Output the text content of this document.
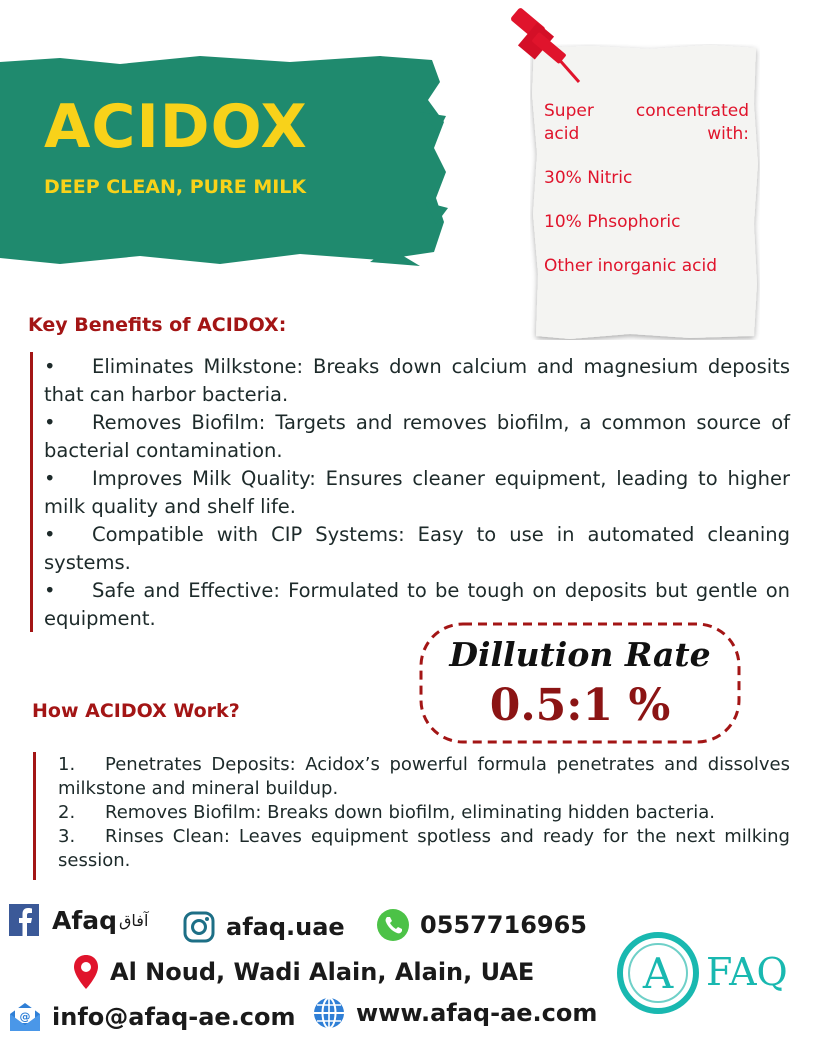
ACIDOX
DEEP CLEAN, PURE MILK

Super concentrated acid with:

30% Nitric

10% Phsophoric

Other inorganic acid

Key Benefits of ACIDOX:
• Eliminates Milkstone: Breaks down calcium and magnesium deposits that can harbor bacteria.
• Removes Biofilm: Targets and removes biofilm, a common source of bacterial contamination.
• Improves Milk Quality: Ensures cleaner equipment, leading to higher milk quality and shelf life.
• Compatible with CIP Systems: Easy to use in automated cleaning systems.
• Safe and Effective: Formulated to be tough on deposits but gentle on equipment.
Dillution Rate
0.5:1 %
How ACIDOX Work?
1. Penetrates Deposits: Acidox’s powerful formula penetrates and dissolves milkstone and mineral buildup.
2. Removes Biofilm: Breaks down biofilm, eliminating hidden bacteria.
3. Rinses Clean: Leaves equipment spotless and ready for the next milking session.
Afaq آفاق	afaq.uae	0557716965
Al Noud, Wadi Alain, Alain, UAE
@ info@afaq-ae.com	www.afaq-ae.com
A FAQ
